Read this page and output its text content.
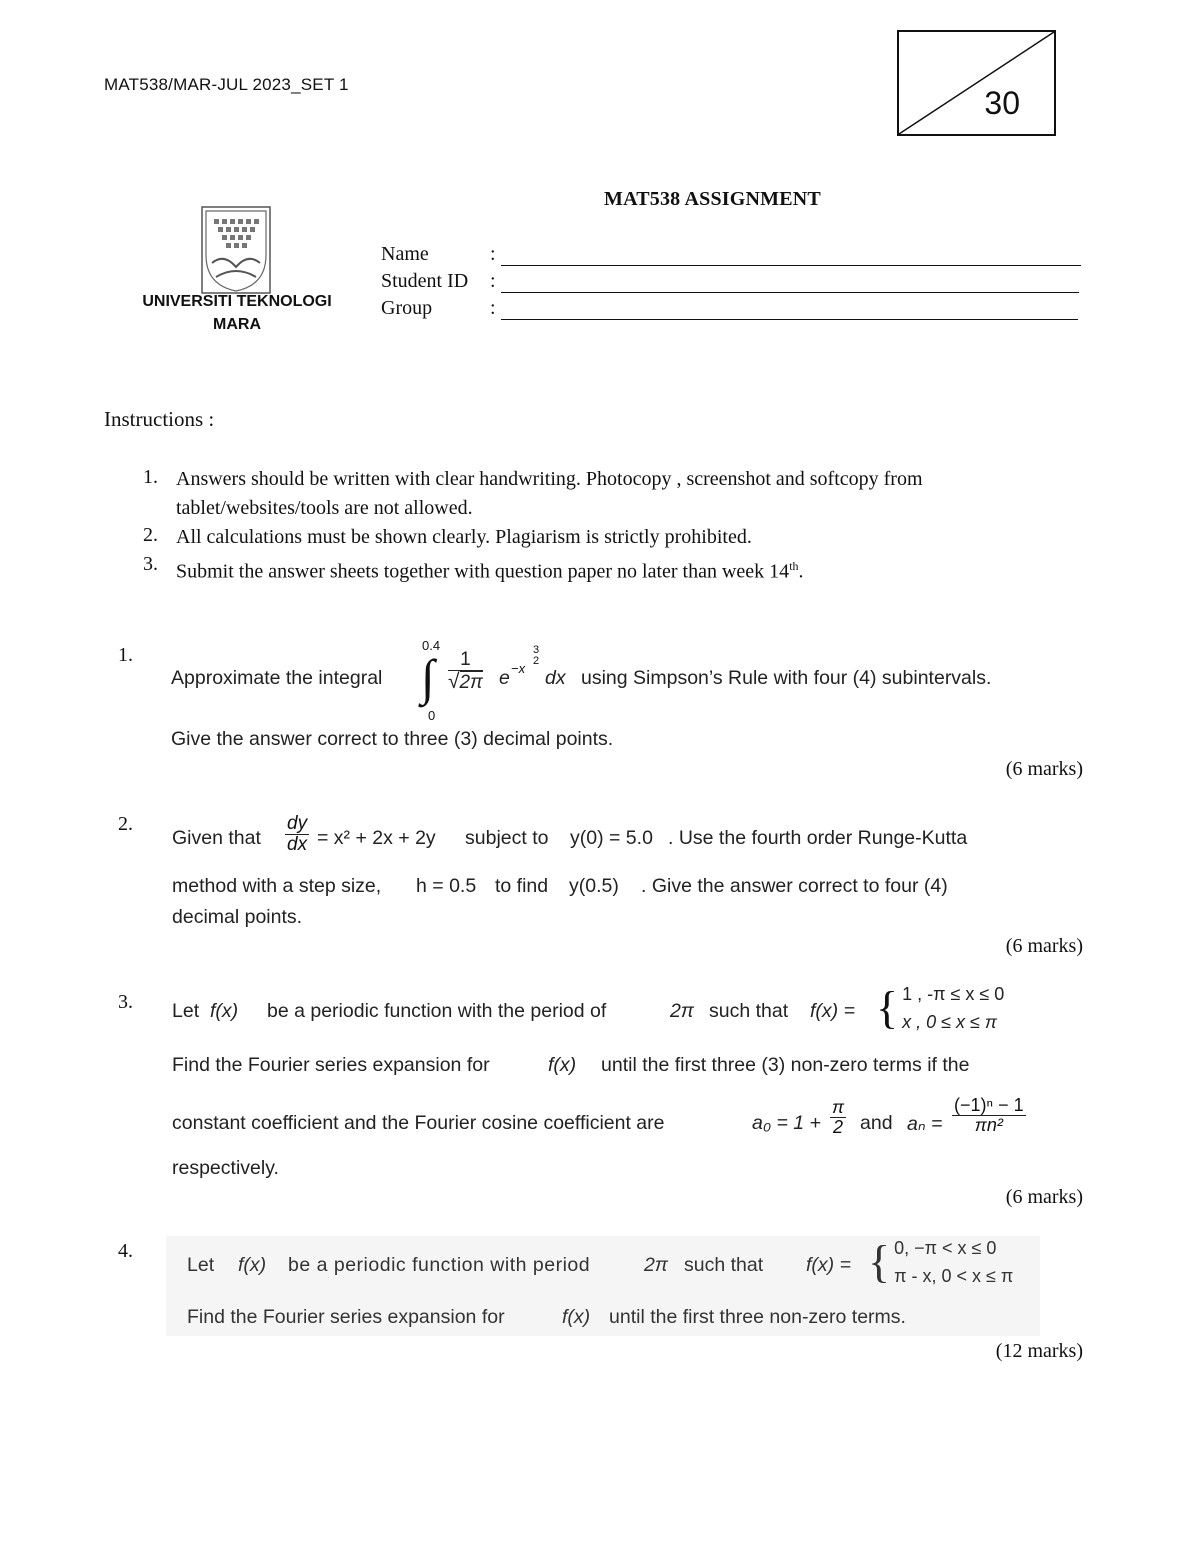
MAT538/MAR-JUL 2023_SET 1
30
MAT538 ASSIGNMENT
UNIVERSITI TEKNOLOGI
MARA
Name	:
Student ID :
Group	:
Instructions :
1. Answers should be written with clear handwriting. Photocopy , screenshot and softcopy from
tablet/websites/tools are not allowed.
2. All calculations must be shown clearly. Plagiarism is strictly prohibited.
3. Submit the answer sheets together with question paper no later than week 14th.
1.
Approximate the integral
0.4
∫
0
$\frac{1}{√2\pi}$ e −x
3
2
dx using Simpson’s Rule with four (4) subintervals.
Give the answer correct to three (3) decimal points.
(6 marks)
2.
Given that $\frac{dy}{dx} = x^2 + 2x + 2y$ subject to y(0) = 5.0 . Use the fourth order Runge-Kutta
method with a step size, h = 0.5 to find y(0.5) . Give the answer correct to four (4)
decimal points.
(6 marks)
3. Let f(x) be a periodic function with the period of	2π such that f(x) = { 1 , -π ≤ x ≤ 0
x , 0 ≤ x ≤ π
Find the Fourier series expansion for	f(x) until the first three (3) non-zero terms if the
constant coefficient and the Fourier cosine coefficient are	$a_0 = 1 + \frac{\pi}{2}$ and $a_n = \frac{\text{(−1)ⁿ − 1}}{\text{πn²}}$
respectively.
(6 marks)
4.
Let f(x) be a periodic function with period	2π such that f(x) = { 0, −π < x ≤ 0
π - x, 0 < x ≤ π
Find the Fourier series expansion for	f(x) until the first three non-zero terms.
(12 marks)
